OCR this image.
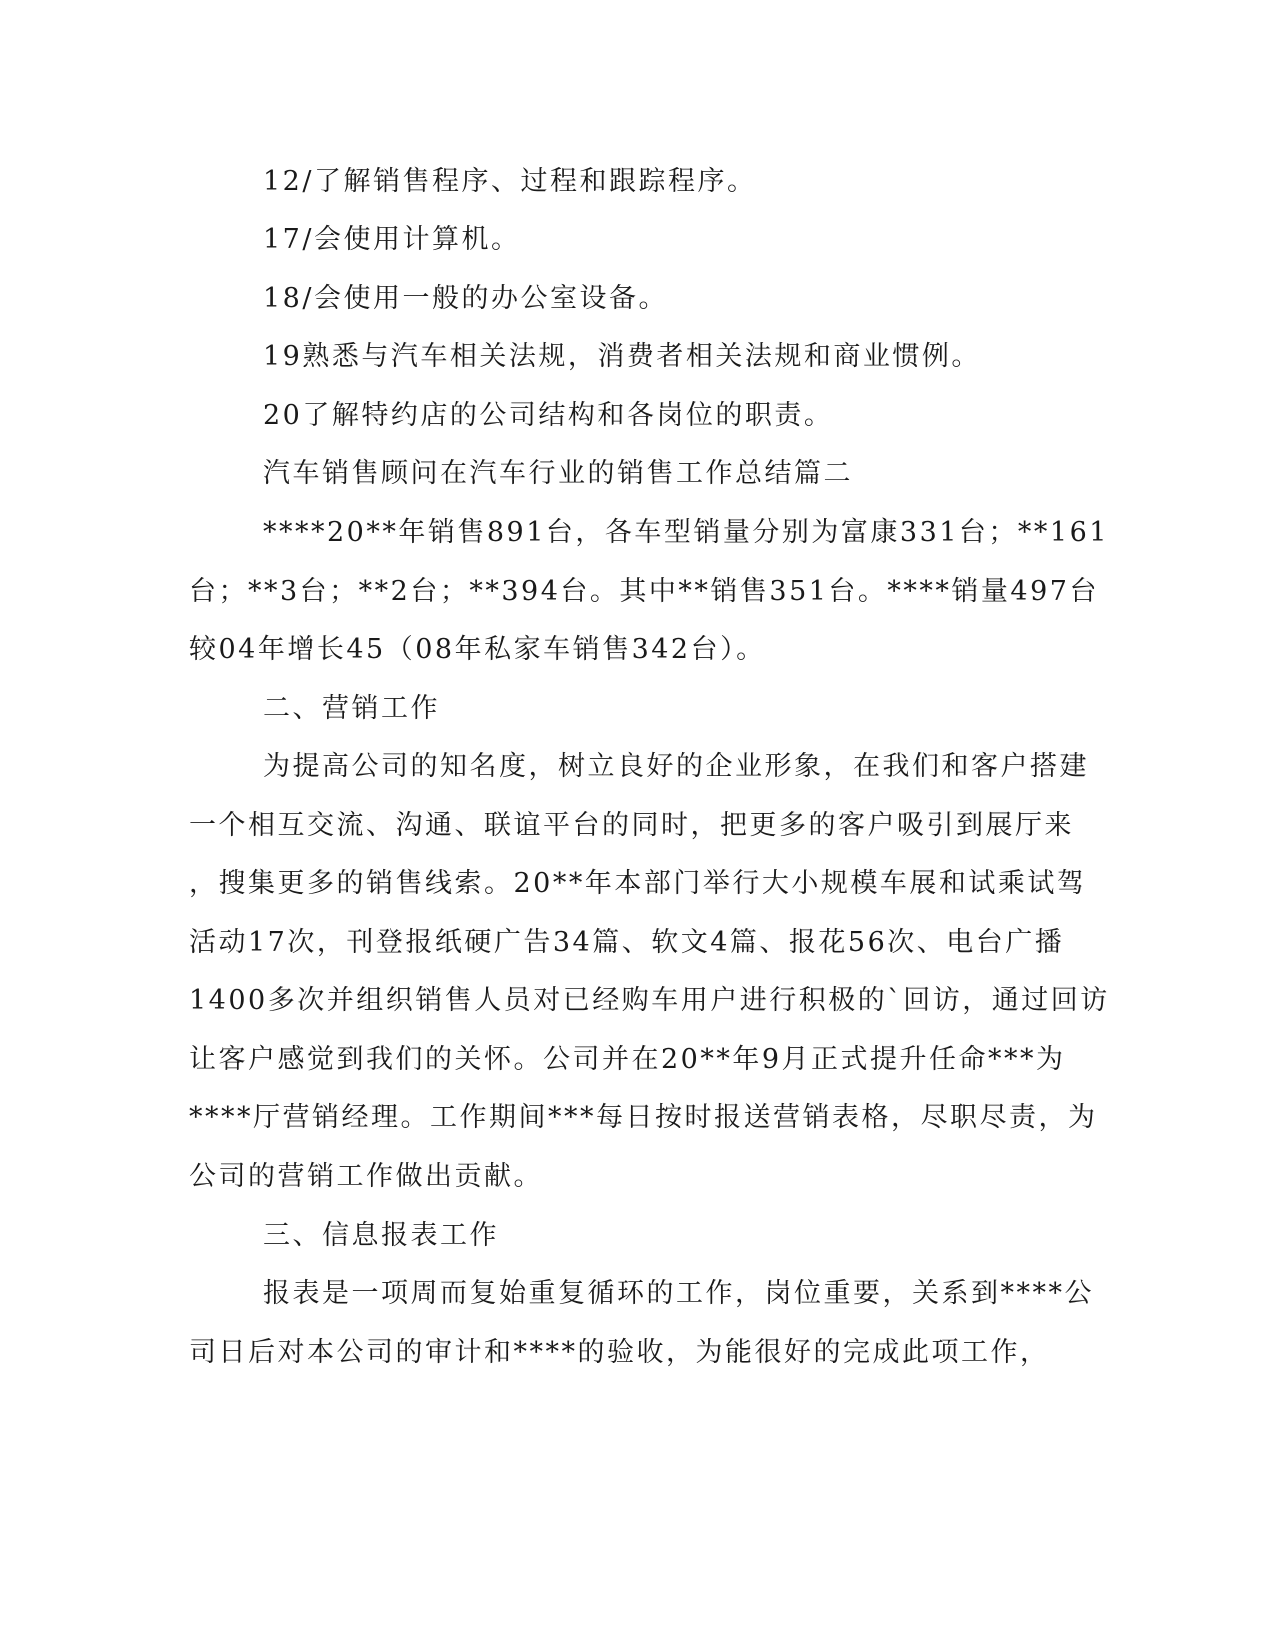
12/了解销售程序、过程和跟踪程序。
17/会使用计算机。
18/会使用一般的办公室设备。
19熟悉与汽车相关法规，消费者相关法规和商业惯例。
20了解特约店的公司结构和各岗位的职责。
汽车销售顾问在汽车行业的销售工作总结篇二
****20**年销售891台，各车型销量分别为富康331台；**161
台；**3台；**2台；**394台。其中**销售351台。****销量497台
较04年增长45（08年私家车销售342台）。
二、营销工作
为提高公司的知名度，树立良好的企业形象，在我们和客户搭建
一个相互交流、沟通、联谊平台的同时，把更多的客户吸引到展厅来
，搜集更多的销售线索。20**年本部门举行大小规模车展和试乘试驾
活动17次，刊登报纸硬广告34篇、软文4篇、报花56次、电台广播
1400多次并组织销售人员对已经购车用户进行积极的`回访，通过回访
让客户感觉到我们的关怀。公司并在20**年9月正式提升任命***为
****厅营销经理。工作期间***每日按时报送营销表格，尽职尽责，为
公司的营销工作做出贡献。
三、信息报表工作
报表是一项周而复始重复循环的工作，岗位重要，关系到****公
司日后对本公司的审计和****的验收，为能很好的完成此项工作，
